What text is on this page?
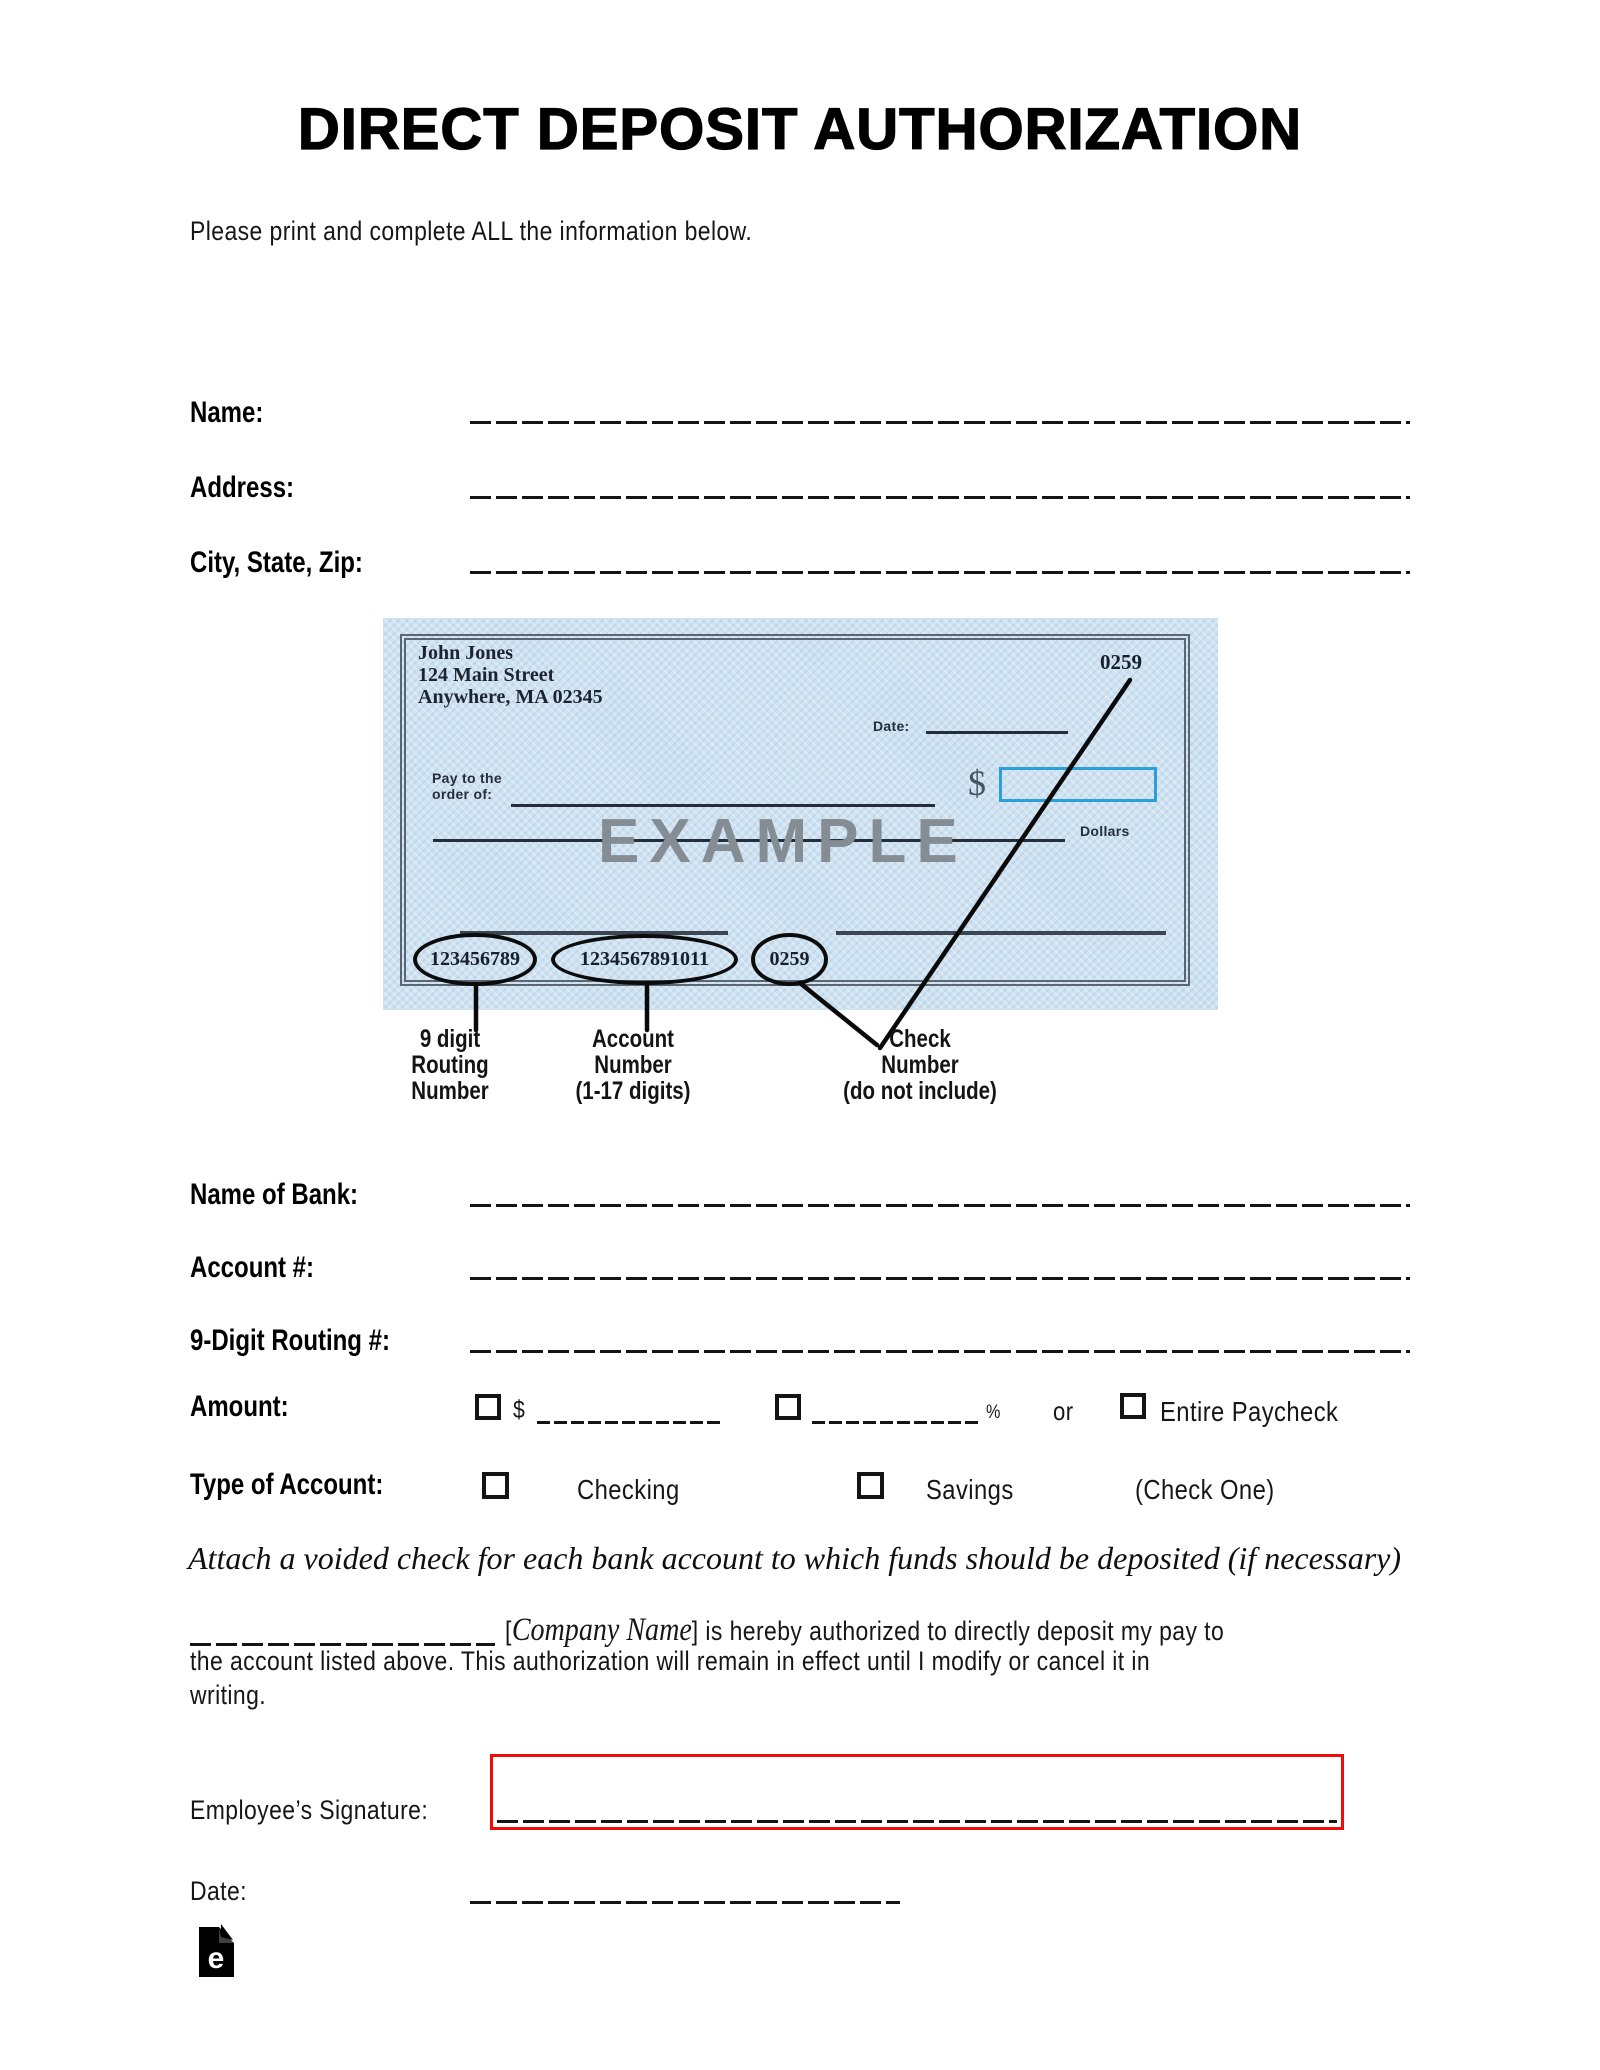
DIRECT DEPOSIT AUTHORIZATION
Please print and complete ALL the information below.
Name:
Address:
City, State, Zip:
John Jones
124 Main Street
Anywhere, MA 02345
0259
Date:
Pay to the
order of:	$
EXAMPLE	Dollars
123456789	1234567891011	0259
9 digit
Routing
Number
Account
Number
(1-17 digits)
Check
Number
(do not include)
Name of Bank:
Account #:
9-Digit Routing #:
Amount:	$	% or	Entire Paycheck
Type of Account:	Checking	Savings	(Check One)
Attach a voided check for each bank account to which funds should be deposited (if necessary)
[Company Name] is hereby authorized to directly deposit my pay to
the account listed above. This authorization will remain in effect until I modify or cancel it in
writing.
Employee’s Signature:
Date:
e
